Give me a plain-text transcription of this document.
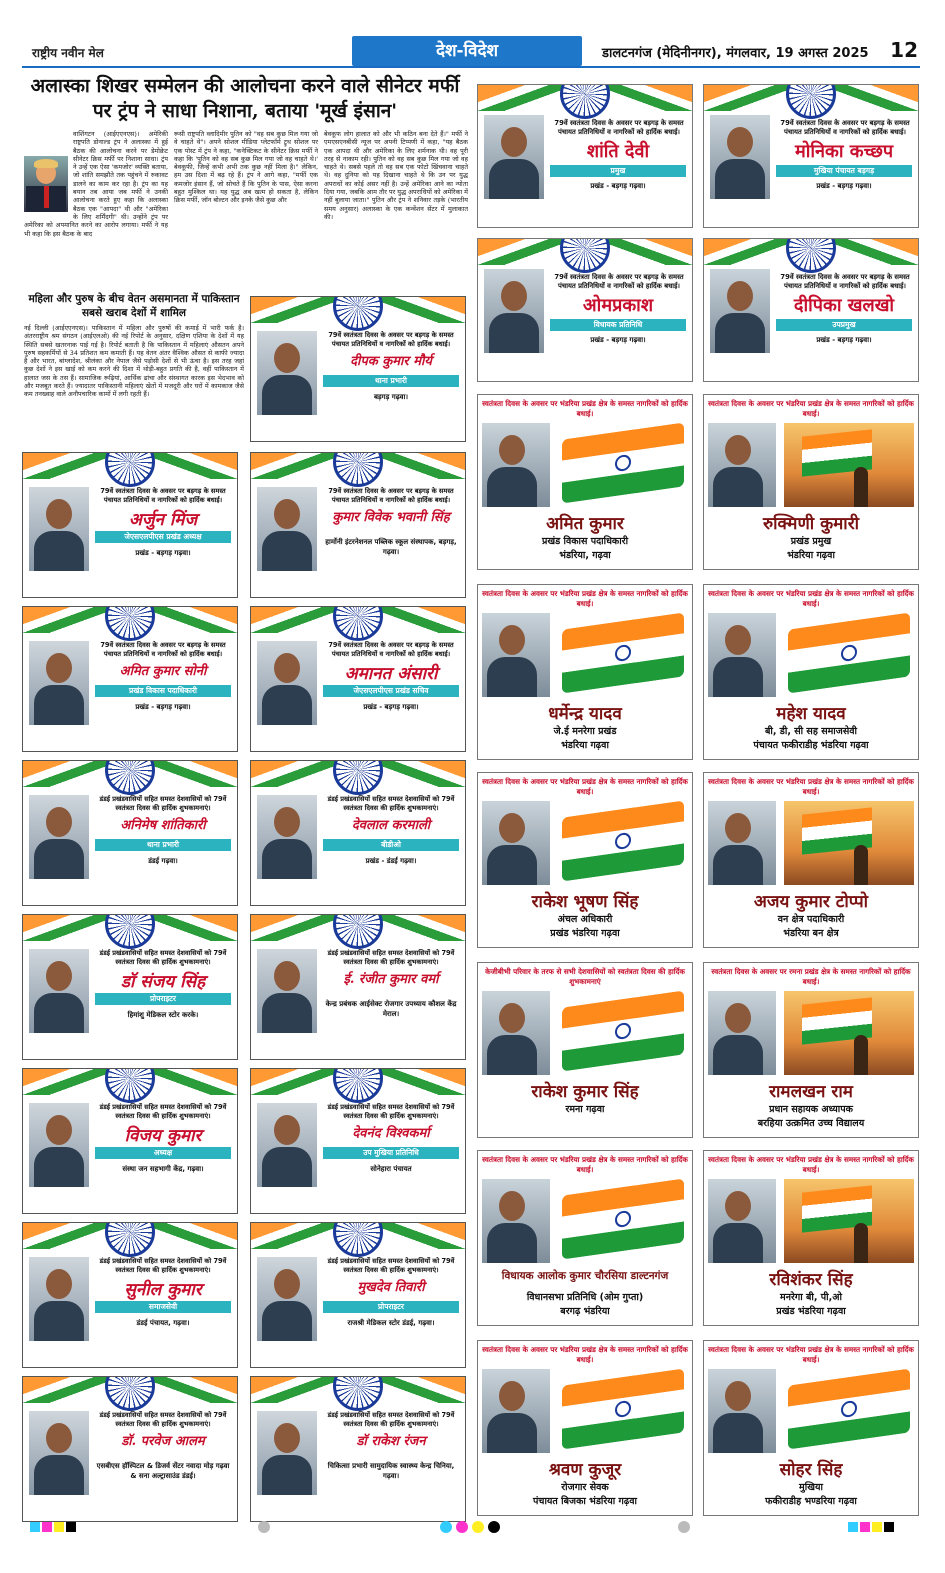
राष्ट्रीय नवीन मेल	देश-विदेश	डालटनगंज (मेदिनीनगर), मंगलवार, 19 अगस्त 2025 12
अलास्का शिखर सम्मेलन की आलोचना करने वाले सीनेटर मर्फी पर ट्रंप ने साधा निशाना, बताया 'मूर्ख इंसान'
वाशिंगटन (आईएएनएस)। अमेरिकी राष्ट्रपति डोनाल्ड ट्रंप ने अलास्का में हुई बैठक की आलोचना करने पर डेमोक्रेट सीनेटर क्रिस मर्फी पर निशाना साधा। ट्रंप ने उन्हें एक ऐसा 'कमजोर' व्यक्ति बताया, जो शांति समझौते तक पहुंचने में रुकावट डालने का काम कर रहा है। ट्रंप का यह बयान तब आया जब मर्फी ने उनकी आलोचना करते हुए कहा कि अलास्का बैठक एक "आपदा" थी और "अमेरिका के लिए शर्मिंदगी" थी। उन्होंने ट्रंप पर अमेरिका को अपमानित करने का आरोप लगाया। मर्फी ने यह भी कहा कि इस बैठक के बाद
रूसी राष्ट्रपति व्लादिमीर पुतिन को "वह सब कुछ मिल गया जो वे चाहते थे"। अपने सोशल मीडिया प्लेटफॉर्म ट्रुथ सोशल पर एक पोस्ट में ट्रंप ने कहा, "कनेक्टिकट के सीनेटर क्रिस मर्फी ने कहा कि 'पुतिन को वह सब कुछ मिल गया जो वह चाहते थे।' बेवकूफी, जिन्हें कभी अभी तक कुछ नहीं मिला है।" लेकिन, हम उस दिशा में बढ़ रहे हैं। ट्रंप ने आगे कहा, "मर्फी एक कमजोर इंसान हैं, जो सोचते हैं कि पुतिन के पास, ऐसा करना बहुत मुश्किल था। यह युद्ध अब खत्म हो सकता है, लेकिन क्रिस मर्फी, जॉन बोल्टन और इनके जैसे कुछ और
बेवकूफ लोग हालात को और भी कठिन बना देते हैं।" मर्फी ने एमएसएनबीसी न्यूज पर अपनी टिप्पणी में कहा, "यह बैठक एक आपदा थी और अमेरिका के लिए शर्मनाक थी। वह पूरी तरह से नाकाम रही। पुतिन को वह सब कुछ मिल गया जो वह चाहते थे। सबसे पहले तो वह सब एक फोटो खिंचवाना चाहते थे। वह दुनिया को यह दिखाना चाहते थे कि उन पर युद्ध अपराधों का कोई असर नहीं है। उन्हें अमेरिका आने का न्योता दिया गया, जबकि आम तौर पर युद्ध अपराधियों को अमेरिका में नहीं बुलाया जाता।" पुतिन और ट्रंप ने शनिवार तड़के (भारतीय समय अनुसार) अलास्का के एक कन्वेंशन सेंटर में मुलाकात की।
महिला और पुरुष के बीच वेतन असमानता में पाकिस्तान सबसे खराब देशों में शामिल
नई दिल्ली (आईएएनएस)। पाकिस्तान में महिला और पुरुषों की कमाई में भारी फर्क है। अंतरराष्ट्रीय श्रम संगठन (आईएलओ) की नई रिपोर्ट के अनुसार, दक्षिण एशिया के देशों में यह स्थिति सबसे खतरनाक पाई गई है। रिपोर्ट बताती है कि पाकिस्तान में महिलाएं औसतन अपने पुरुष सहकर्मियों से 34 प्रतिशत कम कमाती हैं। यह वेतन अंतर वैश्विक औसत से काफी ज्यादा है और भारत, बांग्लादेश, श्रीलंका और नेपाल जैसे पड़ोसी देशों से भी ऊंचा है। इस तरह जहां कुछ देशों ने इस खाई को कम करने की दिशा में थोड़ी-बहुत प्रगति की है, वहीं पाकिस्तान में हालात जस के तस हैं। सामाजिक रूढ़ियां, आर्थिक ढांचा और संस्थागत कारक इस भेदभाव को और मजबूत करते हैं। ज्यादातर पाकिस्तानी महिलाएं खेतों में मजदूरी और घरों में कामकाज जैसे कम तनख्वाह वाले अनौपचारिक कामों में लगी रहती हैं।
79वें स्वतंत्रता दिवस के अवसर पर बड़गड़ के समस्त पंचायत प्रतिनिधियों व नागरिकों को हार्दिक बधाई।
शांति देवी
प्रमुख
प्रखंड - बड़गड़ गढ़वा।
79वें स्वतंत्रता दिवस के अवसर पर बड़गड़ के समस्त पंचायत प्रतिनिधियों व नागरिकों को हार्दिक बधाई।
मोनिका कच्छप
मुखिया पंचायत बड़गड़
प्रखंड - बड़गड़ गढ़वा।
79वें स्वतंत्रता दिवस के अवसर पर बड़गड़ के समस्त पंचायत प्रतिनिधियों व नागरिकों को हार्दिक बधाई।
ओमप्रकाश
विधायक प्रतिनिधि
प्रखंड - बड़गड़ गढ़वा।
79वें स्वतंत्रता दिवस के अवसर पर बड़गड़ के समस्त पंचायत प्रतिनिधियों व नागरिकों को हार्दिक बधाई।
दीपिका खलखो
उपप्रमुख
प्रखंड - बड़गड़ गढ़वा।
79वें स्वतंत्रता दिवस के अवसर पर बड़गड़ के समस्त पंचायत प्रतिनिधियों व नागरिकों को हार्दिक बधाई।
दीपक कुमार मौर्य
थाना प्रभारी
बड़गड़ गढ़वा।
79वें स्वतंत्रता दिवस के अवसर पर बड़गड़ के समस्त पंचायत प्रतिनिधियों व नागरिकों को हार्दिक बधाई।
अर्जुन मिंज
जेएसएलपीएस प्रखंड अध्यक्ष
प्रखंड - बड़गड़ गढ़वा।
79वें स्वतंत्रता दिवस के अवसर पर बड़गड़ के समस्त पंचायत प्रतिनिधियों व नागरिकों को हार्दिक बधाई।
कुमार विवेक भवानी सिंह
हार्मोनी इंटरनेशनल पब्लिक स्कूल संस्थापक, बड़गड़, गढ़वा।
79वें स्वतंत्रता दिवस के अवसर पर बड़गड़ के समस्त पंचायत प्रतिनिधियों व नागरिकों को हार्दिक बधाई।
अमित कुमार सोनी
प्रखंड विकास पदाधिकारी
प्रखंड - बड़गड़ गढ़वा।
79वें स्वतंत्रता दिवस के अवसर पर बड़गड़ के समस्त पंचायत प्रतिनिधियों व नागरिकों को हार्दिक बधाई।
अमानत अंसारी
जेएसएलपीएस प्रखंड सचिव
प्रखंड - बड़गड़ गढ़वा।
डंडई प्रखंडवासियों सहित समस्त देशवासियों को 79वें स्वतंत्रता दिवस की हार्दिक शुभकामनाएं।
अनिमेष शांतिकारी
थाना प्रभारी
डंडई गढ़वा।
डंडई प्रखंडवासियों सहित समस्त देशवासियों को 79वें स्वतंत्रता दिवस की हार्दिक शुभकामनाएं।
देवलाल करमाली
बीडीओ
प्रखंड - डंडई गढ़वा।
डंडई प्रखंडवासियों सहित समस्त देशवासियों को 79वें स्वतंत्रता दिवस की हार्दिक शुभकामनाएं।
डॉ संजय सिंह
प्रोपराइटर
हिमांशु मेडिकल स्टोर करके।
डंडई प्रखंडवासियों सहित समस्त देशवासियों को 79वें स्वतंत्रता दिवस की हार्दिक शुभकामनाएं।
ई. रंजीत कुमार वर्मा
केन्द्र प्रबंधक आईसेक्ट रोजगार उपध्याय कौशल केंद्र मेराल।
डंडई प्रखंडवासियों सहित समस्त देशवासियों को 79वें स्वतंत्रता दिवस की हार्दिक शुभकामनाएं।
विजय कुमार
अध्यक्ष
संस्था जन सहभागी केंद्र, गढ़वा।
डंडई प्रखंडवासियों सहित समस्त देशवासियों को 79वें स्वतंत्रता दिवस की हार्दिक शुभकामनाएं।
देवनंद विश्वकर्मा
उप मुखिया प्रतिनिधि
सोनेहारा पंचायत
डंडई प्रखंडवासियों सहित समस्त देशवासियों को 79वें स्वतंत्रता दिवस की हार्दिक शुभकामनाएं।
सुनील कुमार
समाजसेवी
डंडई पंचायत, गढ़वा।
डंडई प्रखंडवासियों सहित समस्त देशवासियों को 79वें स्वतंत्रता दिवस की हार्दिक शुभकामनाएं।
मुखदेव तिवारी
प्रोपराइटर
राजश्री मेडिकल स्टोर डंडई, गढ़वा।
डंडई प्रखंडवासियों सहित समस्त देशवासियों को 79वें स्वतंत्रता दिवस की हार्दिक शुभकामनाएं।
डॉ. परवेज आलम
एसबीएस हॉस्पिटल & डिजर्व सेंटर नवादा मोड़ गढ़वा & सना अल्ट्रासाउंड डंडई।
डंडई प्रखंडवासियों सहित समस्त देशवासियों को 79वें स्वतंत्रता दिवस की हार्दिक शुभकामनाएं।
डॉ राकेश रंजन
चिकित्सा प्रभारी सामुदायिक स्वास्थ्य केन्द्र चिनिया, गढ़वा।
स्वतंत्रता दिवस के अवसर पर भंडरिया प्रखंड क्षेत्र के समस्त नागरिकों को हार्दिक बधाई।
अमित कुमार
प्रखंड विकास पदाधिकारी
भंडरिया, गढ़वा
स्वतंत्रता दिवस के अवसर पर भंडरिया प्रखंड क्षेत्र के समस्त नागरिकों को हार्दिक बधाई।
रुक्मिणी कुमारी
प्रखंड प्रमुख
भंडरिया गढ़वा
स्वतंत्रता दिवस के अवसर पर भंडरिया प्रखंड क्षेत्र के समस्त नागरिकों को हार्दिक बधाई।
धर्मेन्द्र यादव
जे.ई मनरेगा प्रखंड
भंडरिया गढ़वा
स्वतंत्रता दिवस के अवसर पर भंडरिया प्रखंड क्षेत्र के समस्त नागरिकों को हार्दिक बधाई।
महेश यादव
बी, डी, सी सह समाजसेवी
पंचायत फकीराडीह भंडरिया गढ़वा
स्वतंत्रता दिवस के अवसर पर भंडरिया प्रखंड क्षेत्र के समस्त नागरिकों को हार्दिक बधाई।
राकेश भूषण सिंह
अंचल अधिकारी
प्रखंड भंडरिया गढ़वा
स्वतंत्रता दिवस के अवसर पर भंडरिया प्रखंड क्षेत्र के समस्त नागरिकों को हार्दिक बधाई।
अजय कुमार टोप्पो
वन क्षेत्र पदाधिकारी
भंडरिया बन क्षेत्र
केजीबीभी परिवार के तरफ से सभी देशवासियों को स्वतंत्रता दिवस की हार्दिक शुभकामनाएं
राकेश कुमार सिंह
रमना गढ़वा
स्वतंत्रता दिवस के अवसर पर रमना प्रखंड क्षेत्र के समस्त नागरिकों को हार्दिक बधाई।
रामलखन राम
प्रधान सहायक अध्यापक
बरहिया उत्क्रमित उच्च विद्यालय
स्वतंत्रता दिवस के अवसर पर भंडरिया प्रखंड क्षेत्र के समस्त नागरिकों को हार्दिक बधाई।
विधायक आलोक कुमार चौरसिया डाल्टनगंज
विधानसभा प्रतिनिधि (ओम गुप्ता)
बरगढ़ भंडरिया
स्वतंत्रता दिवस के अवसर पर भंडरिया प्रखंड क्षेत्र के समस्त नागरिकों को हार्दिक बधाई।
रविशंकर सिंह
मनरेगा बी, पी,ओ
प्रखंड भंडरिया गढ़वा
स्वतंत्रता दिवस के अवसर पर भंडरिया प्रखंड क्षेत्र के समस्त नागरिकों को हार्दिक बधाई।
श्रवण कुजूर
रोजगार सेवक
पंचायत बिजका भंडरिया गढ़वा
स्वतंत्रता दिवस के अवसर पर भंडरिया प्रखंड क्षेत्र के समस्त नागरिकों को हार्दिक बधाई।
सोहर सिंह
मुखिया
फकीराडीह भण्डरिया गढ़वा
